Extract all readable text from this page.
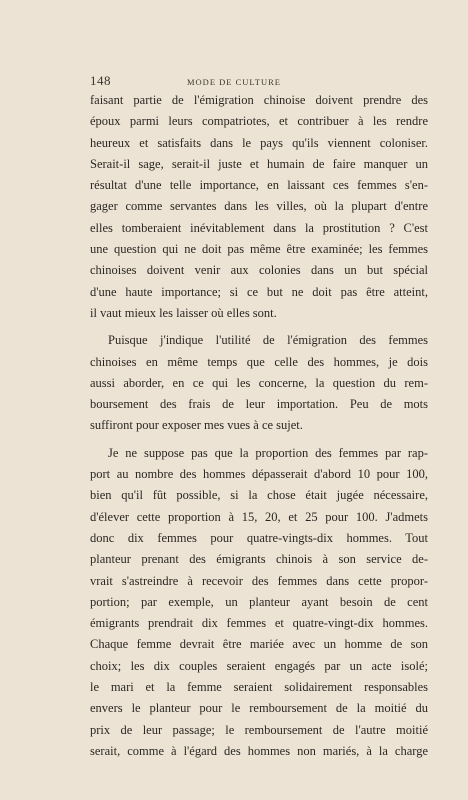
148	MODE DE CULTURE
faisant partie de l'émigration chinoise doivent prendre des
époux parmi leurs compatriotes, et contribuer à les rendre
heureux et satisfaits dans le pays qu'ils viennent coloniser.
Serait-il sage, serait-il juste et humain de faire manquer un
résultat d'une telle importance, en laissant ces femmes s'en-
gager comme servantes dans les villes, où la plupart d'entre
elles tomberaient inévitablement dans la prostitution ? C'est
une question qui ne doit pas même être examinée; les femmes
chinoises doivent venir aux colonies dans un but spécial
d'une haute importance; si ce but ne doit pas être atteint,
il vaut mieux les laisser où elles sont.
Puisque j'indique l'utilité de l'émigration des femmes
chinoises en même temps que celle des hommes, je dois
aussi aborder, en ce qui les concerne, la question du rem-
boursement des frais de leur importation. Peu de mots
suffiront pour exposer mes vues à ce sujet.
Je ne suppose pas que la proportion des femmes par rap-
port au nombre des hommes dépasserait d'abord 10 pour 100,
bien qu'il fût possible, si la chose était jugée nécessaire,
d'élever cette proportion à 15, 20, et 25 pour 100. J'admets
donc dix femmes pour quatre-vingts-dix hommes. Tout
planteur prenant des émigrants chinois à son service de-
vrait s'astreindre à recevoir des femmes dans cette propor-
portion; par exemple, un planteur ayant besoin de cent
émigrants prendrait dix femmes et quatre-vingt-dix hommes.
Chaque femme devrait être mariée avec un homme de son
choix; les dix couples seraient engagés par un acte isolé;
le mari et la femme seraient solidairement responsables
envers le planteur pour le remboursement de la moitié du
prix de leur passage; le remboursement de l'autre moitié
serait, comme à l'égard des hommes non mariés, à la charge
